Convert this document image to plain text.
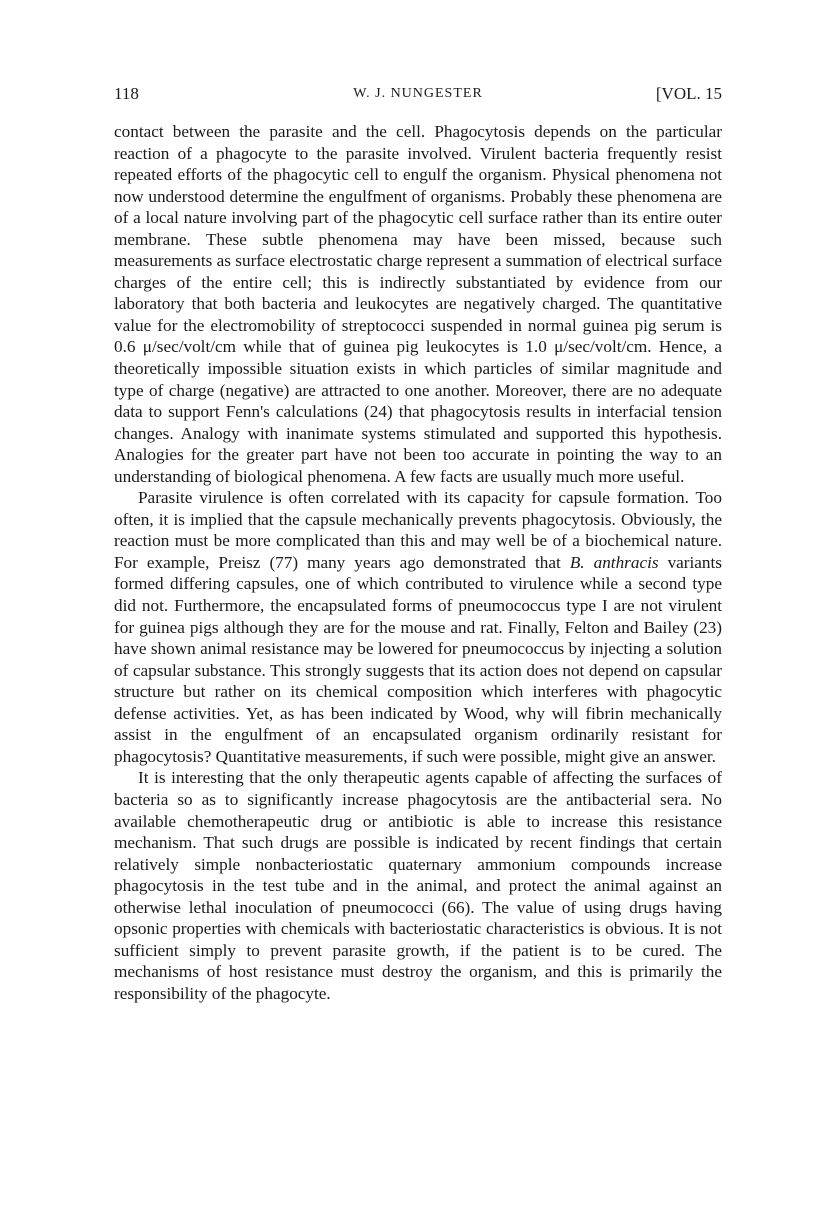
118	W. J. NUNGESTER	[VOL. 15

contact between the parasite and the cell. Phagocytosis depends on the particular reaction of a phagocyte to the parasite involved. Virulent bacteria frequently resist repeated efforts of the phagocytic cell to engulf the organism. Physical phenomena not now understood determine the engulfment of organisms. Probably these phenomena are of a local nature involving part of the phagocytic cell surface rather than its entire outer membrane. These subtle phenomena may have been missed, because such measurements as surface electrostatic charge represent a summation of electrical surface charges of the entire cell; this is indirectly substantiated by evidence from our laboratory that both bacteria and leukocytes are negatively charged. The quantitative value for the electromobility of streptococci suspended in normal guinea pig serum is 0.6 μ/sec/volt/cm while that of guinea pig leukocytes is 1.0 μ/sec/volt/cm. Hence, a theoretically impossible situation exists in which particles of similar magnitude and type of charge (negative) are attracted to one another. Moreover, there are no adequate data to support Fenn's calculations (24) that phagocytosis results in interfacial tension changes. Analogy with inanimate systems stimulated and supported this hypothesis. Analogies for the greater part have not been too accurate in pointing the way to an understanding of biological phenomena. A few facts are usually much more useful.

Parasite virulence is often correlated with its capacity for capsule formation. Too often, it is implied that the capsule mechanically prevents phagocytosis. Obviously, the reaction must be more complicated than this and may well be of a biochemical nature. For example, Preisz (77) many years ago demonstrated that B. anthracis variants formed differing capsules, one of which contributed to virulence while a second type did not. Furthermore, the encapsulated forms of pneumococcus type I are not virulent for guinea pigs although they are for the mouse and rat. Finally, Felton and Bailey (23) have shown animal resistance may be lowered for pneumococcus by injecting a solution of capsular substance. This strongly suggests that its action does not depend on capsular structure but rather on its chemical composition which interferes with phagocytic defense activities. Yet, as has been indicated by Wood, why will fibrin mechanically assist in the engulfment of an encapsulated organism ordinarily resistant for phagocytosis? Quantitative measurements, if such were possible, might give an answer.

It is interesting that the only therapeutic agents capable of affecting the surfaces of bacteria so as to significantly increase phagocytosis are the antibacterial sera. No available chemotherapeutic drug or antibiotic is able to increase this resistance mechanism. That such drugs are possible is indicated by recent findings that certain relatively simple nonbacteriostatic quaternary ammonium compounds increase phagocytosis in the test tube and in the animal, and protect the animal against an otherwise lethal inoculation of pneumococci (66). The value of using drugs having opsonic properties with chemicals with bacteriostatic characteristics is obvious. It is not sufficient simply to prevent parasite growth, if the patient is to be cured. The mechanisms of host resistance must destroy the organism, and this is primarily the responsibility of the phagocyte.
